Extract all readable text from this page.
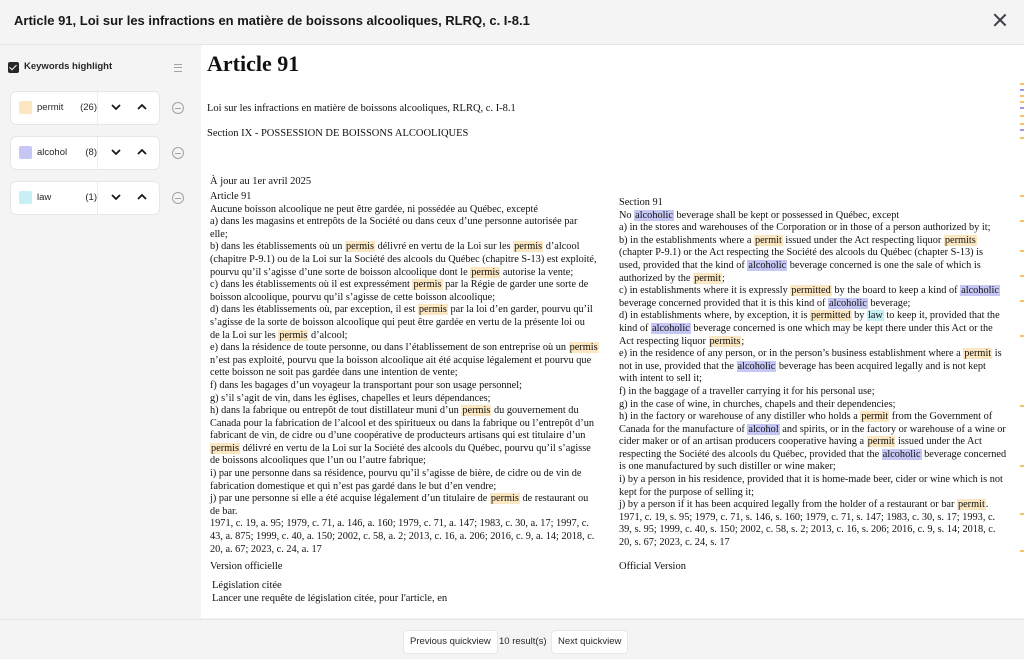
Article 91, Loi sur les infractions en matière de boissons alcooliques, RLRQ, c. I-8.1
Keywords highlight
permit	(26)
alcohol	(8)
law	(1)
Article 91
Loi sur les infractions en matière de boissons alcooliques, RLRQ, c. I-8.1
Section IX - POSSESSION DE BOISSONS ALCOOLIQUES
À jour au 1er avril 2025

Article 91

Aucune boisson alcoolique ne peut être gardée, ni possédée au Québec, excepté

a) dans les magasins et entrepôts de la Société ou dans ceux d’une personne autorisée par

elle;

b) dans les établissements où un permis délivré en vertu de la Loi sur les permis d’alcool

(chapitre P-9.1) ou de la Loi sur la Société des alcools du Québec (chapitre S-13) est exploité,

pourvu qu’il s’agisse d’une sorte de boisson alcoolique dont le permis autorise la vente;

c) dans les établissements où il est expressément permis par la Régie de garder une sorte de

boisson alcoolique, pourvu qu’il s’agisse de cette boisson alcoolique;

d) dans les établissements où, par exception, il est permis par la loi d’en garder, pourvu qu’il

s’agisse de la sorte de boisson alcoolique qui peut être gardée en vertu de la présente loi ou

de la Loi sur les permis d’alcool;

e) dans la résidence de toute personne, ou dans l’établissement de son entreprise où un permis

n’est pas exploité, pourvu que la boisson alcoolique ait été acquise légalement et pourvu que

cette boisson ne soit pas gardée dans une intention de vente;

f) dans les bagages d’un voyageur la transportant pour son usage personnel;

g) s’il s’agit de vin, dans les églises, chapelles et leurs dépendances;

h) dans la fabrique ou entrepôt de tout distillateur muni d’un permis du gouvernement du

Canada pour la fabrication de l’alcool et des spiritueux ou dans la fabrique ou l’entrepôt d’un

fabricant de vin, de cidre ou d’une coopérative de producteurs artisans qui est titulaire d’un

permis délivré en vertu de la Loi sur la Société des alcools du Québec, pourvu qu’il s’agisse

de boissons alcooliques que l’un ou l’autre fabrique;

i) par une personne dans sa résidence, pourvu qu’il s’agisse de bière, de cidre ou de vin de

fabrication domestique et qui n’est pas gardé dans le but d’en vendre;

j) par une personne si elle a été acquise légalement d’un titulaire de permis de restaurant ou

de bar.

1971, c. 19, a. 95; 1979, c. 71, a. 146, a. 160; 1979, c. 71, a. 147; 1983, c. 30, a. 17; 1997, c.

43, a. 875; 1999, c. 40, a. 150; 2002, c. 58, a. 2; 2013, c. 16, a. 206; 2016, c. 9, a. 14; 2018, c.

20, a. 67; 2023, c. 24, a. 17

Version officielle
Législation citée
Lancer une requête de législation citée, pour l'article, en

Section 91

No alcoholic beverage shall be kept or possessed in Québec, except

a) in the stores and warehouses of the Corporation or in those of a person authorized by it;

b) in the establishments where a permit issued under the Act respecting liquor permits

(chapter P-9.1) or the Act respecting the Société des alcools du Québec (chapter S-13) is

used, provided that the kind of alcoholic beverage concerned is one the sale of which is

authorized by the permit;

c) in establishments where it is expressly permitted by the board to keep a kind of alcoholic

beverage concerned provided that it is this kind of alcoholic beverage;

d) in establishments where, by exception, it is permitted by law to keep it, provided that the

kind of alcoholic beverage concerned is one which may be kept there under this Act or the

Act respecting liquor permits;

e) in the residence of any person, or in the person’s business establishment where a permit is

not in use, provided that the alcoholic beverage has been acquired legally and is not kept

with intent to sell it;

f) in the baggage of a traveller carrying it for his personal use;

g) in the case of wine, in churches, chapels and their dependencies;

h) in the factory or warehouse of any distiller who holds a permit from the Government of

Canada for the manufacture of alcohol and spirits, or in the factory or warehouse of a wine or

cider maker or of an artisan producers cooperative having a permit issued under the Act

respecting the Société des alcools du Québec, provided that the alcoholic beverage concerned

is one manufactured by such distiller or wine maker;

i) by a person in his residence, provided that it is home-made beer, cider or wine which is not

kept for the purpose of selling it;

j) by a person if it has been acquired legally from the holder of a restaurant or bar permit.

1971, c. 19, s. 95; 1979, c. 71, s. 146, s. 160; 1979, c. 71, s. 147; 1983, c. 30, s. 17; 1993, c.

39, s. 95; 1999, c. 40, s. 150; 2002, c. 58, s. 2; 2013, c. 16, s. 206; 2016, c. 9, s. 14; 2018, c.

20, s. 67; 2023, c. 24, s. 17

Official Version
Previous quickview 10 result(s)	Next quickview
